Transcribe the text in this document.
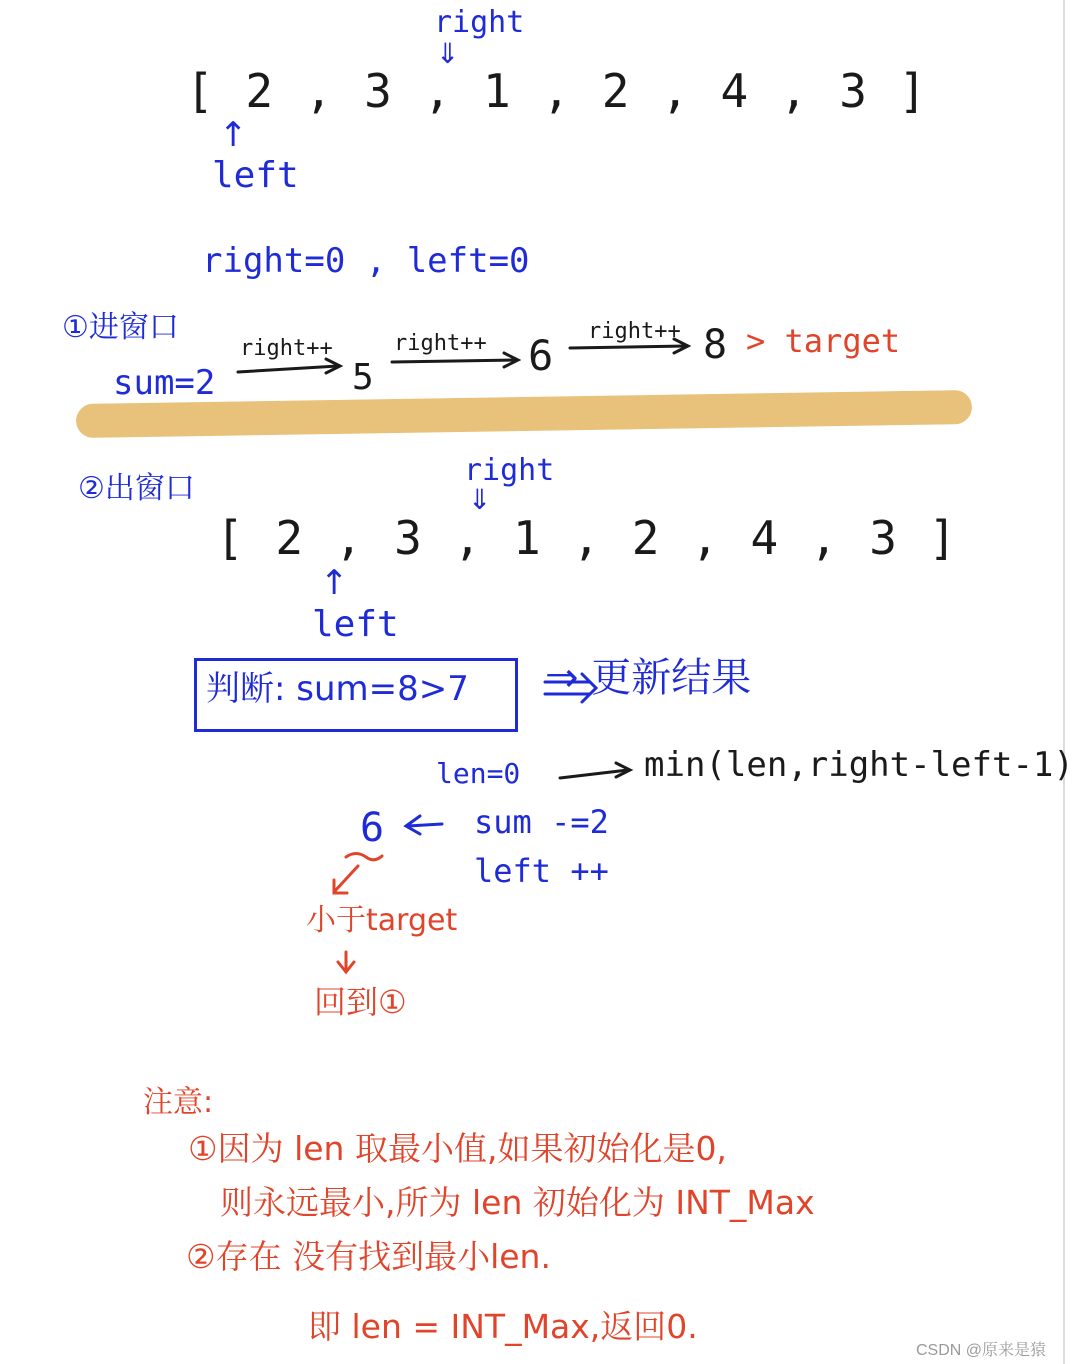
right
⇓
[ 2 , 3 , 1 , 2 , 4 , 3 ]
↑
left
right=0 , left=0
①进窗口
sum=2
right++
5
right++ 6 right++ 8 > target
②出窗口
right
⇓
[ 2 , 3 , 1 , 2 , 4 , 3 ]
↑
left
判断: sum=8>7 ⇒ 更新结果
len=0	min(len,right-left-1)
6	sum -=2
left ++
小于target
回到①
注意:
①因为 len 取最小值,如果初始化是0,
则永远最小,所为 len 初始化为 INT_Max
②存在 没有找到最小len.
即 len = INT_Max,返回0.
CSDN @原来是猿
